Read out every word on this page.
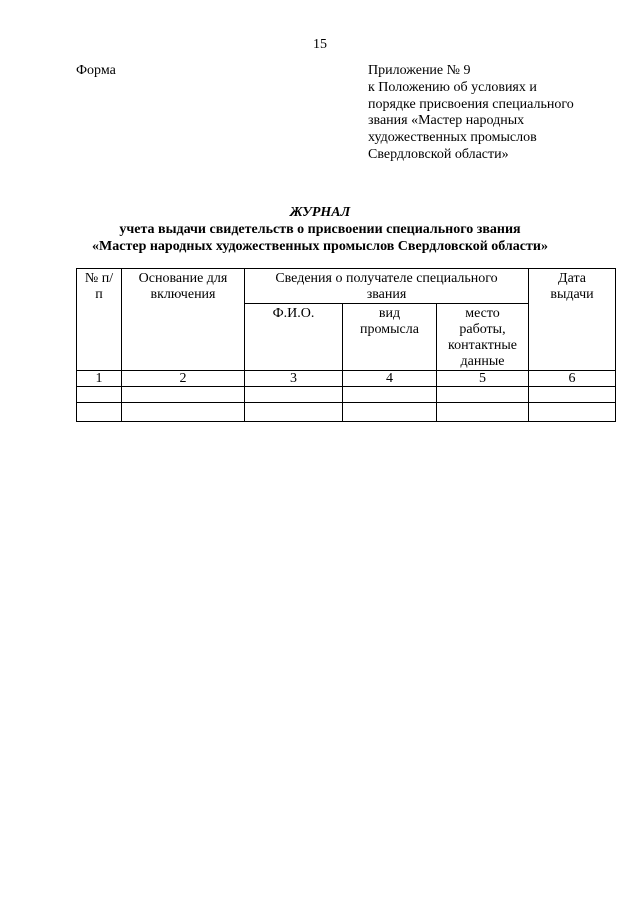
15
Форма	Приложение № 9
к Положению об условиях и
порядке присвоения специального
звания «Мастер народных
художественных промыслов
Свердловской области»
ЖУРНАЛ
учета выдачи свидетельств о присвоении специального звания
«Мастер народных художественных промыслов Свердловской области»
№ п/п	Основание для включения	Сведения о получателе специального звания			Дата выдачи
		Ф.И.О.	вид промысла	место работы, контактные данные	
1	2	3	4	5	6
